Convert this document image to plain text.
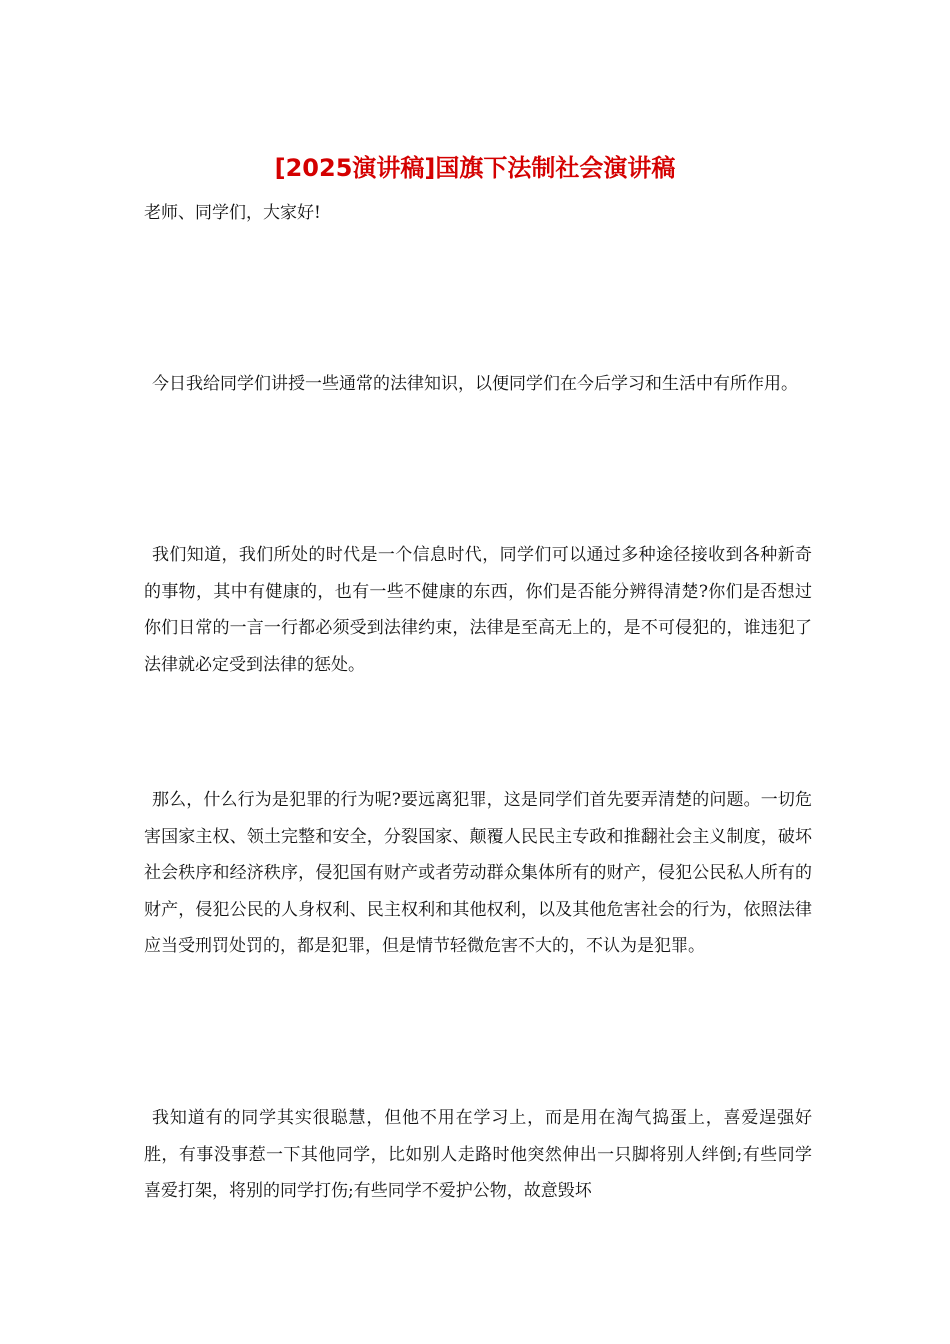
[2025演讲稿]国旗下法制社会演讲稿

老师、同学们，大家好!

今日我给同学们讲授一些通常的法律知识，以便同学们在今后学习和生活中有所作用。

我们知道，我们所处的时代是一个信息时代，同学们可以通过多种途径接收到各种新奇的事物，其中有健康的，也有一些不健康的东西，你们是否能分辨得清楚?你们是否想过你们日常的一言一行都必须受到法律约束，法律是至高无上的，是不可侵犯的，谁违犯了法律就必定受到法律的惩处。

那么，什么行为是犯罪的行为呢?要远离犯罪，这是同学们首先要弄清楚的问题。一切危害国家主权、领土完整和安全，分裂国家、颠覆人民民主专政和推翻社会主义制度，破坏社会秩序和经济秩序，侵犯国有财产或者劳动群众集体所有的财产，侵犯公民私人所有的财产，侵犯公民的人身权利、民主权利和其他权利，以及其他危害社会的行为，依照法律应当受刑罚处罚的，都是犯罪，但是情节轻微危害不大的，不认为是犯罪。

我知道有的同学其实很聪慧，但他不用在学习上，而是用在淘气捣蛋上，喜爱逞强好胜，有事没事惹一下其他同学，比如别人走路时他突然伸出一只脚将别人绊倒;有些同学喜爱打架，将别的同学打伤;有些同学不爱护公物，故意毁坏
